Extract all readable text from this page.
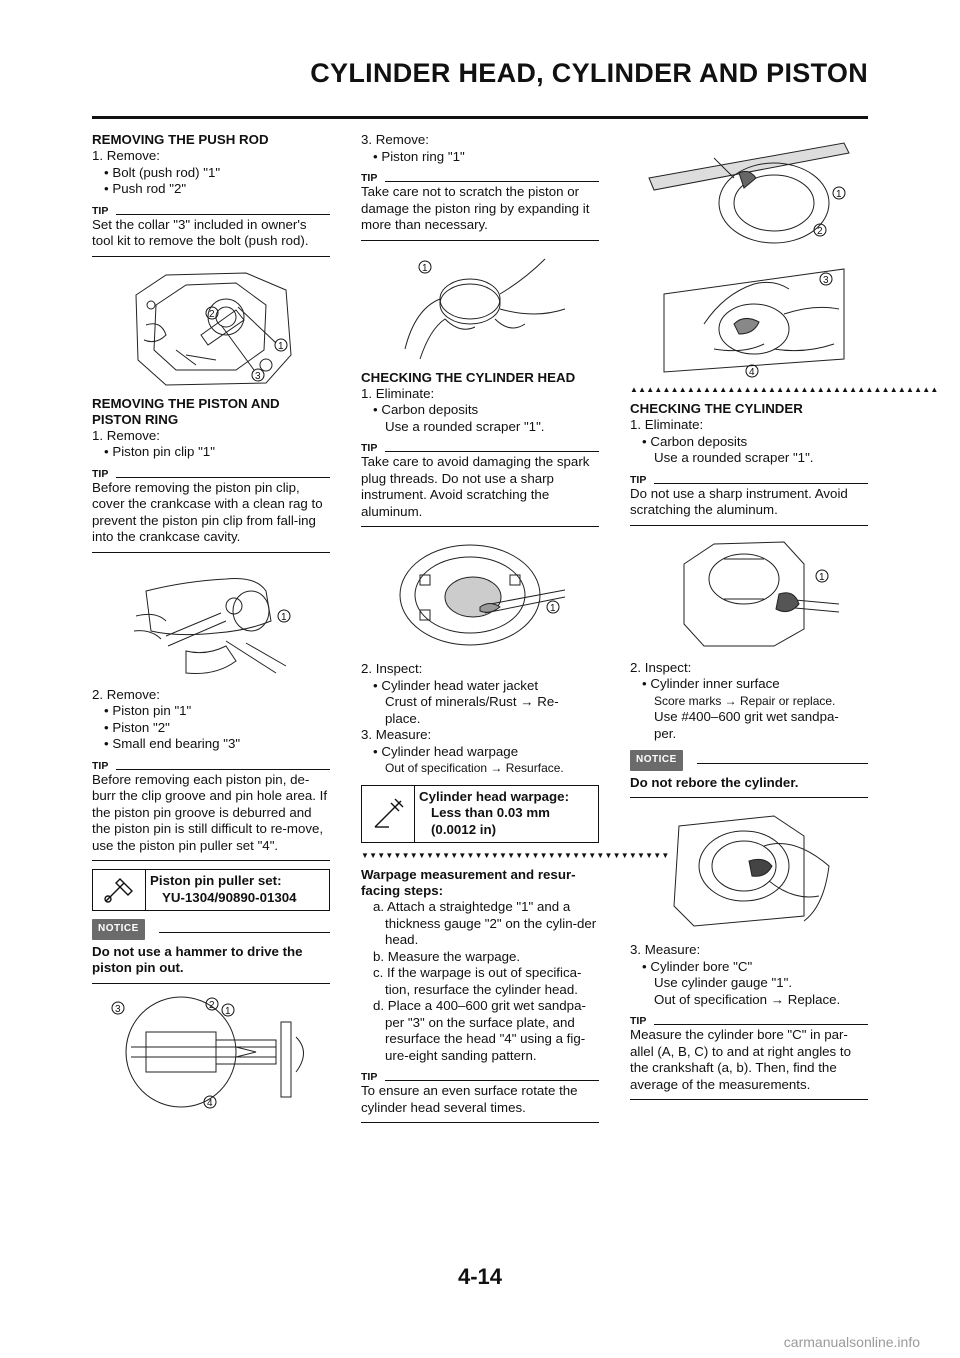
CYLINDER HEAD, CYLINDER AND PISTON

REMOVING THE PUSH ROD

1. Remove:

• Bolt (push rod) "1"

• Push rod "2"

TIP
Set the collar "3" included in owner's tool kit to remove the bolt (push rod).
2
1
3

REMOVING THE PISTON AND

PISTON RING

1. Remove:

• Piston pin clip "1"

TIP
Before removing the piston pin clip, cover the crankcase with a clean rag to prevent the piston pin clip from fall-ing into the crankcase cavity.
1

2. Remove:

• Piston pin "1"

• Piston "2"

• Small end bearing "3"

TIP
Before removing each piston pin, de-burr the clip groove and pin hole area. If the piston pin groove is deburred and the piston pin is still difficult to re-move, use the piston pin puller set "4".
Piston pin puller set:
YU-1304/90890-01304
NOTICE
Do not use a hammer to drive the piston pin out.
3	2
1
4

3. Remove:

• Piston ring "1"

TIP
Take care not to scratch the piston or damage the piston ring by expanding it more than necessary.
1

CHECKING THE CYLINDER HEAD

1. Eliminate:

• Carbon deposits

Use a rounded scraper "1".

TIP
Take care to avoid damaging the spark plug threads. Do not use a sharp instrument. Avoid scratching the aluminum.
1

2. Inspect:

• Cylinder head water jacket

Crust of minerals/Rust → Re-

place.

3. Measure:

• Cylinder head warpage

Out of specification → Resurface.

Cylinder head warpage:
Less than 0.03 mm
(0.0012 in)
▼▼▼▼▼▼▼▼▼▼▼▼▼▼▼▼▼▼▼▼▼▼▼▼▼▼▼▼▼▼▼▼▼▼▼▼▼▼

Warpage measurement and resur-

facing steps:

a. Attach a straightedge "1" and a thickness gauge "2" on the cylin-der head.

b. Measure the warpage.

c. If the warpage is out of specifica-tion, resurface the cylinder head.

d. Place a 400–600 grit wet sandpa-per "3" on the surface plate, and resurface the head "4" using a fig-ure-eight sanding pattern.

TIP
To ensure an even surface rotate the cylinder head several times.
1
2
3
4
▲▲▲▲▲▲▲▲▲▲▲▲▲▲▲▲▲▲▲▲▲▲▲▲▲▲▲▲▲▲▲▲▲▲▲▲▲▲

CHECKING THE CYLINDER

1. Eliminate:

• Carbon deposits

Use a rounded scraper "1".

TIP
Do not use a sharp instrument. Avoid scratching the aluminum.
1

2. Inspect:

• Cylinder inner surface

Score marks → Repair or replace.

Use #400–600 grit wet sandpa-

per.

NOTICE
Do not rebore the cylinder.

3. Measure:

• Cylinder bore "C"

Use cylinder gauge "1".

Out of specification → Replace.

TIP
Measure the cylinder bore "C" in par-allel (A, B, C) to and at right angles to the crankshaft (a, b). Then, find the average of the measurements.
4-14
carmanualsonline.info
